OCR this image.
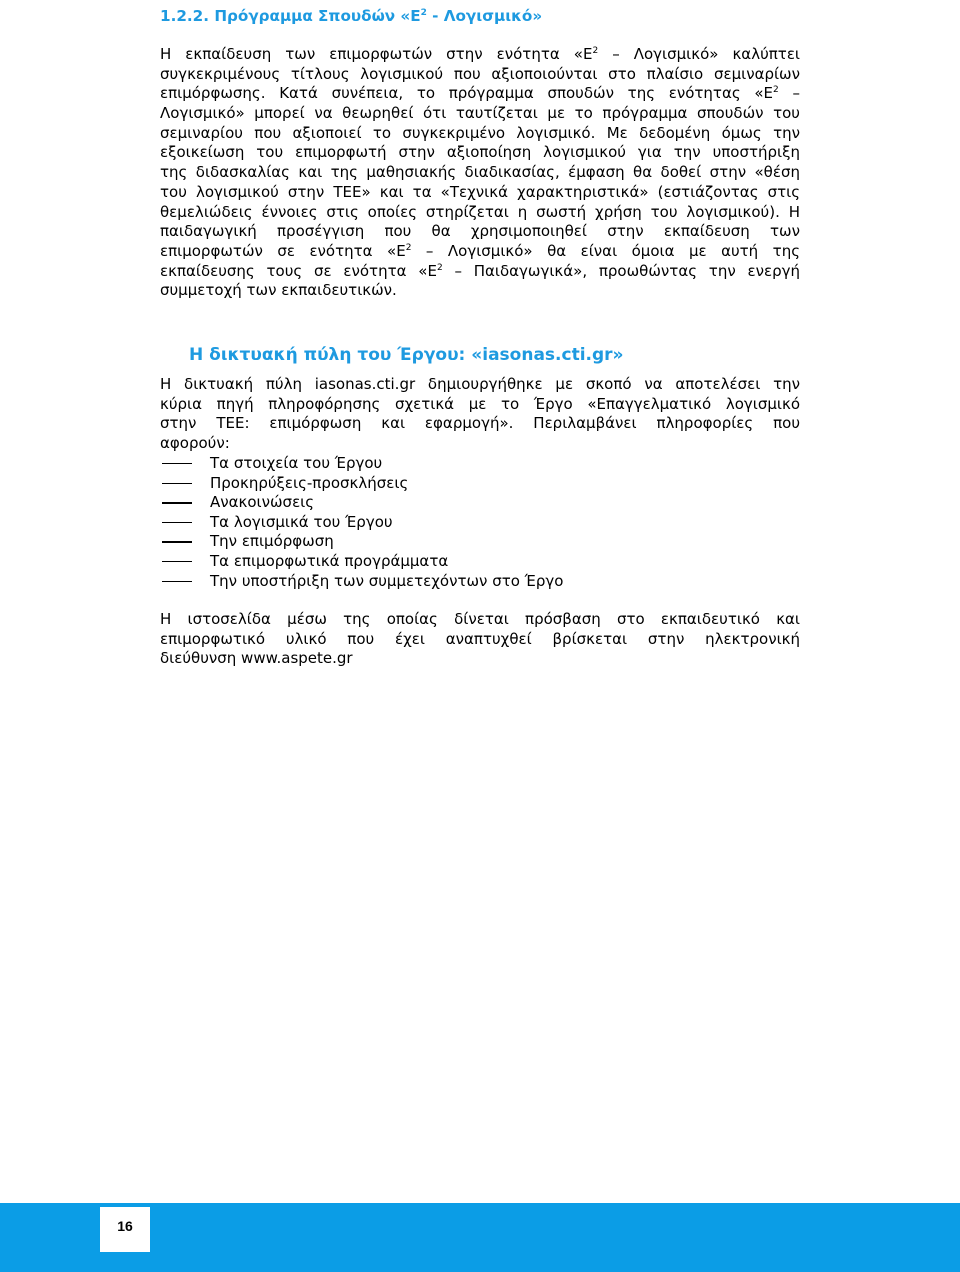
1.2.2. Πρόγραμμα Σπουδών «$E^2$ - Λογισμικό»
Η εκπαίδευση των επιμορφωτών στην ενότητα «$E^2$ – Λογισμικό» καλύπτει
συγκεκριμένους τίτλους λογισμικού που αξιοποιούνται στο πλαίσιο σεμιναρίων
επιμόρφωσης. Κατά συνέπεια, το πρόγραμμα σπουδών της ενότητας «$E^2$ –
Λογισμικό» μπορεί να θεωρηθεί ότι ταυτίζεται με το πρόγραμμα σπουδών του
σεμιναρίου που αξιοποιεί το συγκεκριμένο λογισμικό. Με δεδομένη όμως την
εξοικείωση του επιμορφωτή στην αξιοποίηση λογισμικού για την υποστήριξη
της διδασκαλίας και της μαθησιακής διαδικασίας, έμφαση θα δοθεί στην «θέση
του λογισμικού στην ΤΕΕ» και τα «Τεχνικά χαρακτηριστικά» (εστιάζοντας στις
θεμελιώδεις έννοιες στις οποίες στηρίζεται η σωστή χρήση του λογισμικού). Η
παιδαγωγική προσέγγιση που θα χρησιμοποιηθεί στην εκπαίδευση των
επιμορφωτών σε ενότητα «$E^2$ – Λογισμικό» θα είναι όμοια με αυτή της
εκπαίδευσης τους σε ενότητα «$E^2$ – Παιδαγωγικά», προωθώντας την ενεργή
συμμετοχή των εκπαιδευτικών.
Η δικτυακή πύλη του Έργου: «iasonas.cti.gr»
Η δικτυακή πύλη iasonas.cti.gr δημιουργήθηκε με σκοπό να αποτελέσει την
κύρια πηγή πληροφόρησης σχετικά με το Έργο «Επαγγελματικό λογισμικό
στην ΤΕΕ: επιμόρφωση και εφαρμογή». Περιλαμβάνει πληροφορίες που
αφορούν:
Τα στοιχεία του Έργου
Προκηρύξεις-προσκλήσεις
Ανακοινώσεις
Τα λογισμικά του Έργου
Την επιμόρφωση
Τα επιμορφωτικά προγράμματα
Την υποστήριξη των συμμετεχόντων στο Έργο
Η ιστοσελίδα μέσω της οποίας δίνεται πρόσβαση στο εκπαιδευτικό και
επιμορφωτικό υλικό που έχει αναπτυχθεί βρίσκεται στην ηλεκτρονική
διεύθυνση www.aspete.gr
16
